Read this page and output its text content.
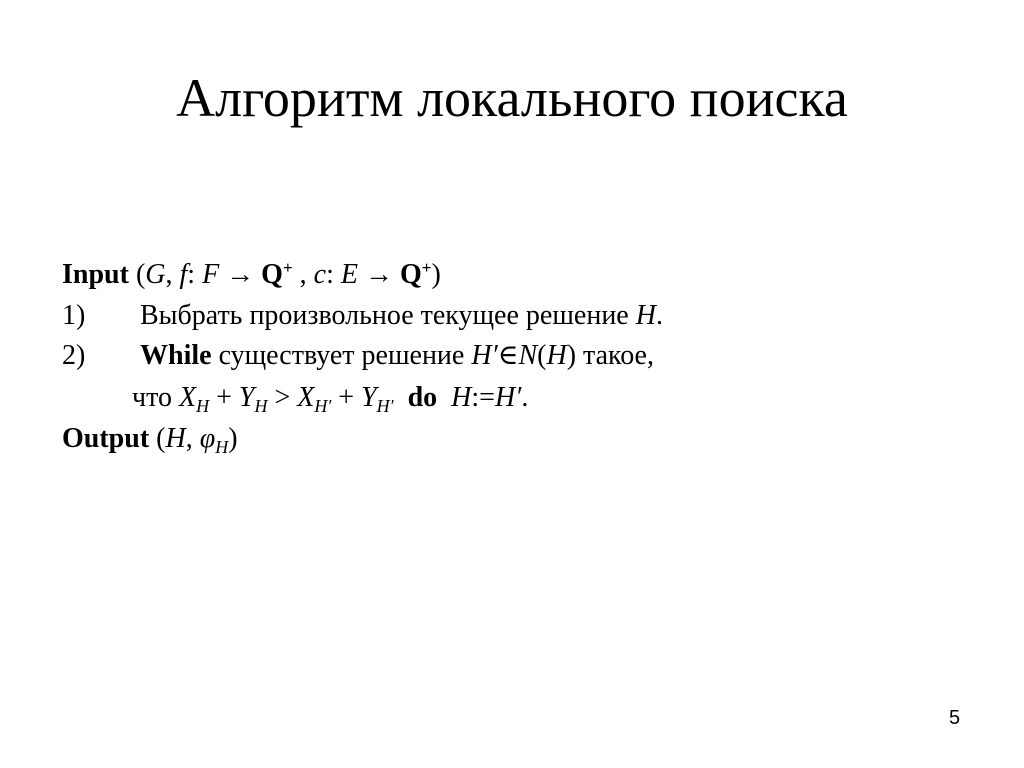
Алгоритм локального поиска
Input (G, f: F → Q+ , c: E → Q+)
1) Выбрать произвольное текущее решение H.
2) While существует решение H′∈N(H) такое,
что $X_H + Y_H > X_{H'} + Y_{H'}$ do H:=H′.
Output (H, $\varphi_H$)
5
